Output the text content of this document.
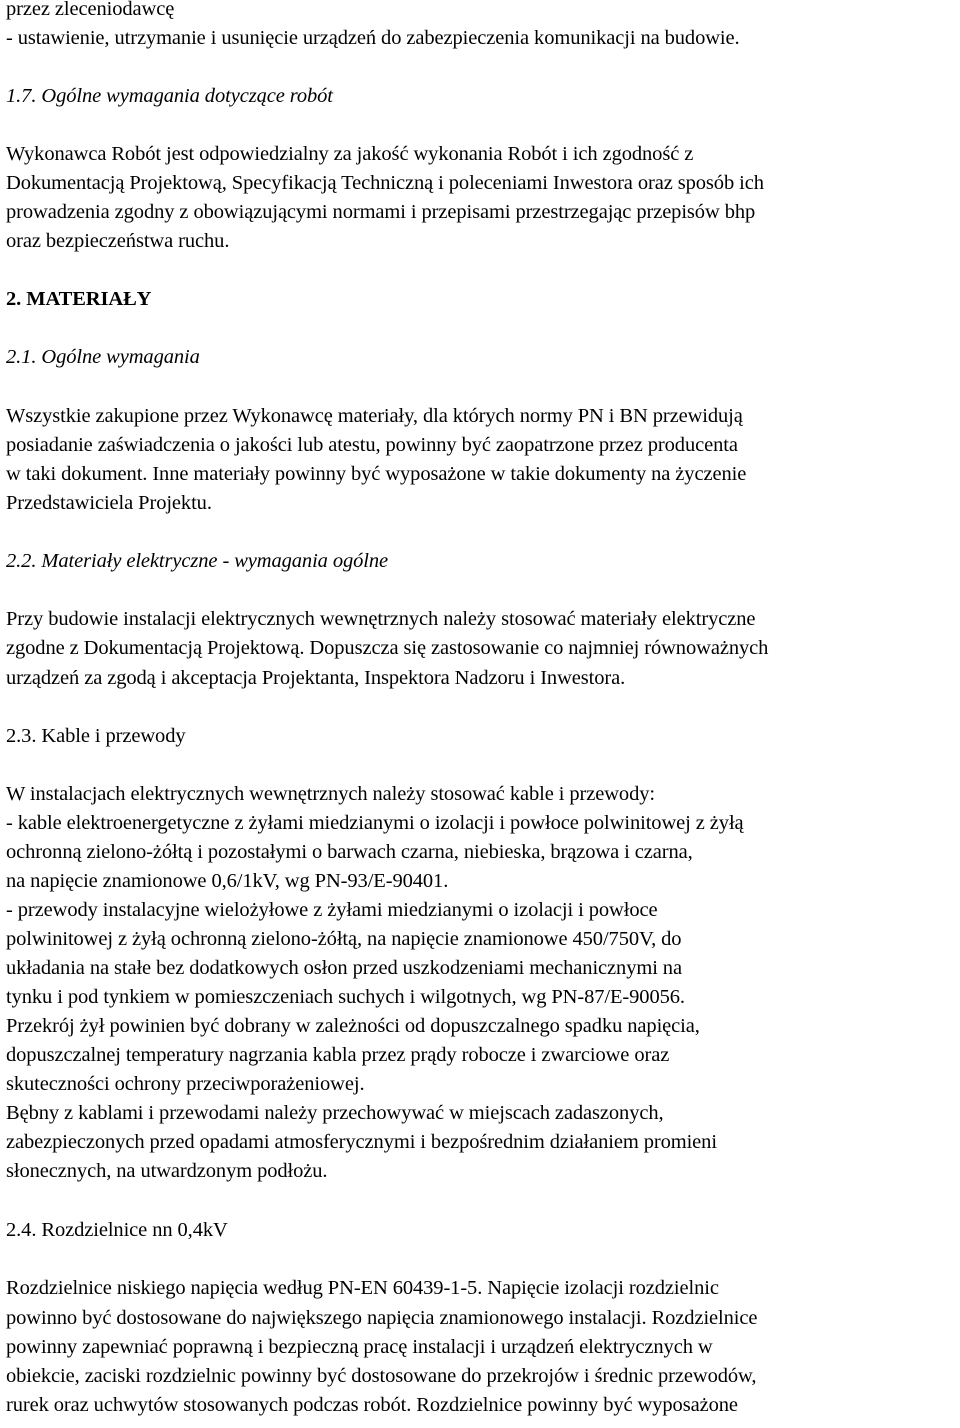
przez zleceniodawcę
- ustawienie, utrzymanie i usunięcie urządzeń do zabezpieczenia komunikacji na budowie.
1.7. Ogólne wymagania dotyczące robót
Wykonawca Robót jest odpowiedzialny za jakość wykonania Robót i ich zgodność z
Dokumentacją Projektową, Specyfikacją Techniczną i poleceniami Inwestora oraz sposób ich
prowadzenia zgodny z obowiązującymi normami i przepisami przestrzegając przepisów bhp
oraz bezpieczeństwa ruchu.
2. MATERIAŁY
2.1. Ogólne wymagania
Wszystkie zakupione przez Wykonawcę materiały, dla których normy PN i BN przewidują
posiadanie zaświadczenia o jakości lub atestu, powinny być zaopatrzone przez producenta
w taki dokument. Inne materiały powinny być wyposażone w takie dokumenty na życzenie
Przedstawiciela Projektu.
2.2. Materiały elektryczne - wymagania ogólne
Przy budowie instalacji elektrycznych wewnętrznych należy stosować materiały elektryczne
zgodne z Dokumentacją Projektową. Dopuszcza się zastosowanie co najmniej równoważnych
urządzeń za zgodą i akceptacja Projektanta, Inspektora Nadzoru i Inwestora.
2.3. Kable i przewody
W instalacjach elektrycznych wewnętrznych należy stosować kable i przewody:
- kable elektroenergetyczne z żyłami miedzianymi o izolacji i powłoce polwinitowej z żyłą
ochronną zielono-żółtą i pozostałymi o barwach czarna, niebieska, brązowa i czarna,
na napięcie znamionowe 0,6/1kV, wg PN-93/E-90401.
- przewody instalacyjne wielożyłowe z żyłami miedzianymi o izolacji i powłoce
polwinitowej z żyłą ochronną zielono-żółtą, na napięcie znamionowe 450/750V, do
układania na stałe bez dodatkowych osłon przed uszkodzeniami mechanicznymi na
tynku i pod tynkiem w pomieszczeniach suchych i wilgotnych, wg PN-87/E-90056.
Przekrój żył powinien być dobrany w zależności od dopuszczalnego spadku napięcia,
dopuszczalnej temperatury nagrzania kabla przez prądy robocze i zwarciowe oraz
skuteczności ochrony przeciwporażeniowej.
Bębny z kablami i przewodami należy przechowywać w miejscach zadaszonych,
zabezpieczonych przed opadami atmosferycznymi i bezpośrednim działaniem promieni
słonecznych, na utwardzonym podłożu.
2.4. Rozdzielnice nn 0,4kV
Rozdzielnice niskiego napięcia według PN-EN 60439-1-5. Napięcie izolacji rozdzielnic
powinno być dostosowane do największego napięcia znamionowego instalacji. Rozdzielnice
powinny zapewniać poprawną i bezpieczną pracę instalacji i urządzeń elektrycznych w
obiekcie, zaciski rozdzielnic powinny być dostosowane do przekrojów i średnic przewodów,
rurek oraz uchwytów stosowanych podczas robót. Rozdzielnice powinny być wyposażone
